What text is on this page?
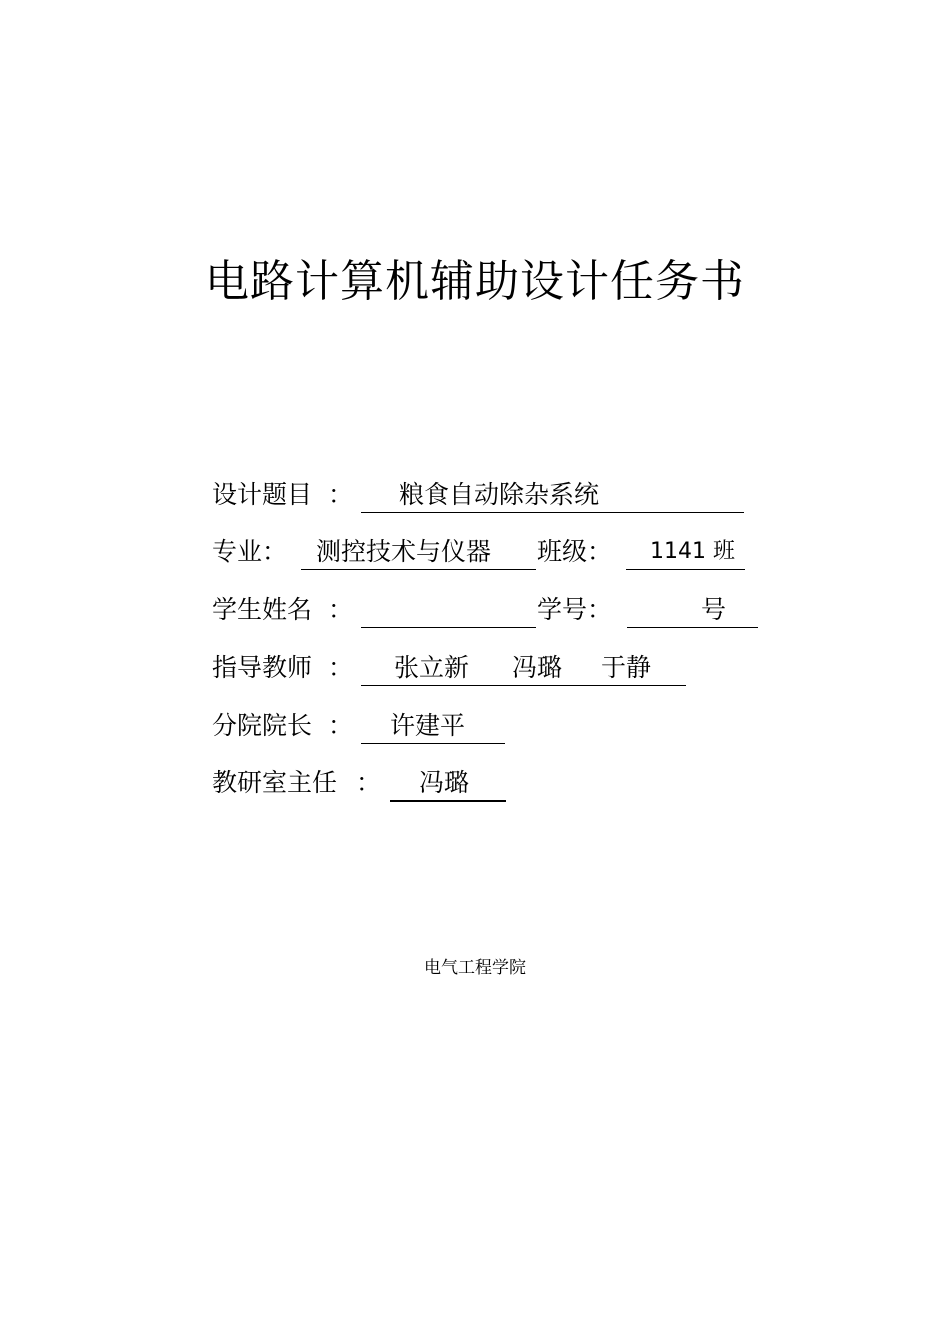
电路计算机辅助设计任务书
设计题目 ： 粮食自动除杂系统
专业： 测控技术与仪器 班级： 1141 班
学生姓名 ：	学号：	号
指导教师 ： 张立新 冯璐 于静
分院院长 ： 许建平
教研室主任 ： 冯璐
电气工程学院
